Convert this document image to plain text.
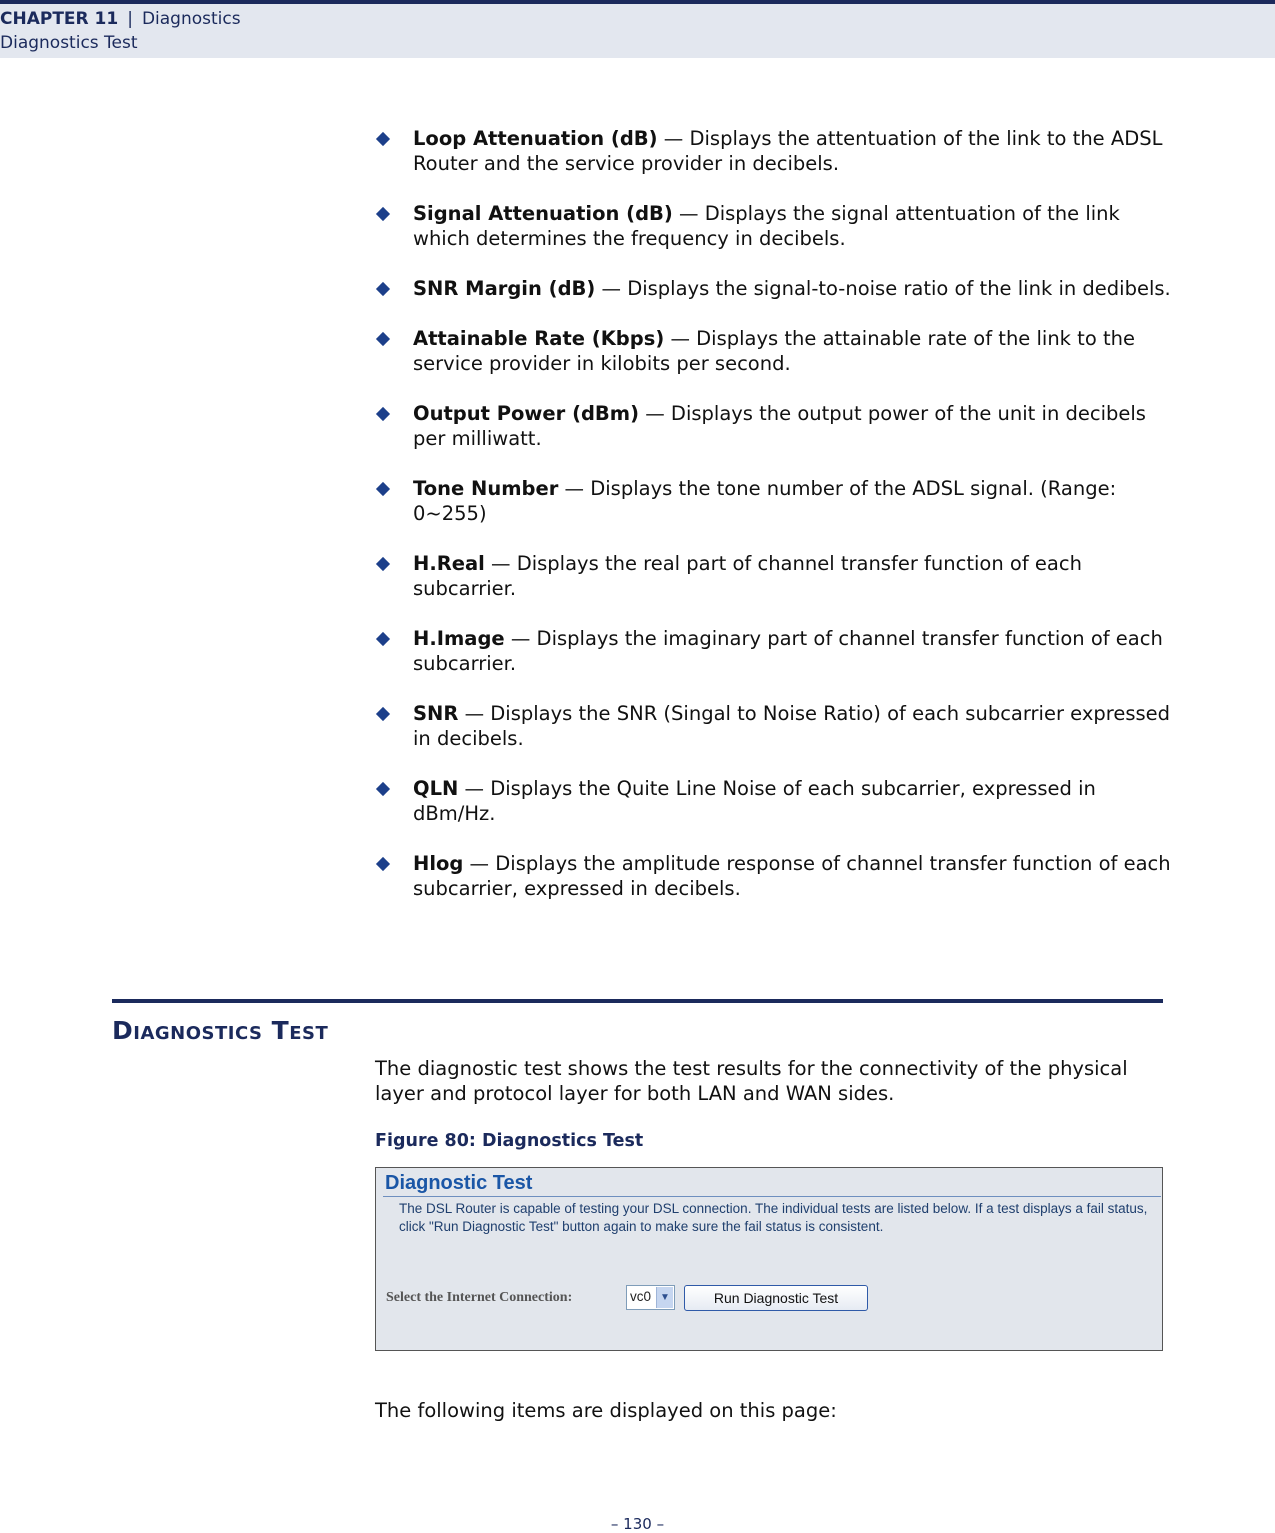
CHAPTER 11 | Diagnostics
Diagnostics Test
Loop Attenuation (dB) — Displays the attentuation of the link to the ADSL Router and the service provider in decibels.
Signal Attenuation (dB) — Displays the signal attentuation of the link which determines the frequency in decibels.
SNR Margin (dB) — Displays the signal-to-noise ratio of the link in dedibels.
Attainable Rate (Kbps) — Displays the attainable rate of the link to the service provider in kilobits per second.
Output Power (dBm) — Displays the output power of the unit in decibels per milliwatt.
Tone Number — Displays the tone number of the ADSL signal. (Range: 0~255)
H.Real — Displays the real part of channel transfer function of each subcarrier.
H.Image — Displays the imaginary part of channel transfer function of each subcarrier.
SNR — Displays the SNR (Singal to Noise Ratio) of each subcarrier expressed in decibels.
QLN — Displays the Quite Line Noise of each subcarrier, expressed in dBm/Hz.
Hlog — Displays the amplitude response of channel transfer function of each subcarrier, expressed in decibels.
Diagnostics Test
The diagnostic test shows the test results for the connectivity of the physical layer and protocol layer for both LAN and WAN sides.
Figure 80: Diagnostics Test
Diagnostic Test
The DSL Router is capable of testing your DSL connection. The individual tests are listed below. If a test displays a fail status, click "Run Diagnostic Test" button again to make sure the fail status is consistent.
Select the Internet Connection:	vc0 ▼	Run Diagnostic Test
The following items are displayed on this page:
– 130 –
